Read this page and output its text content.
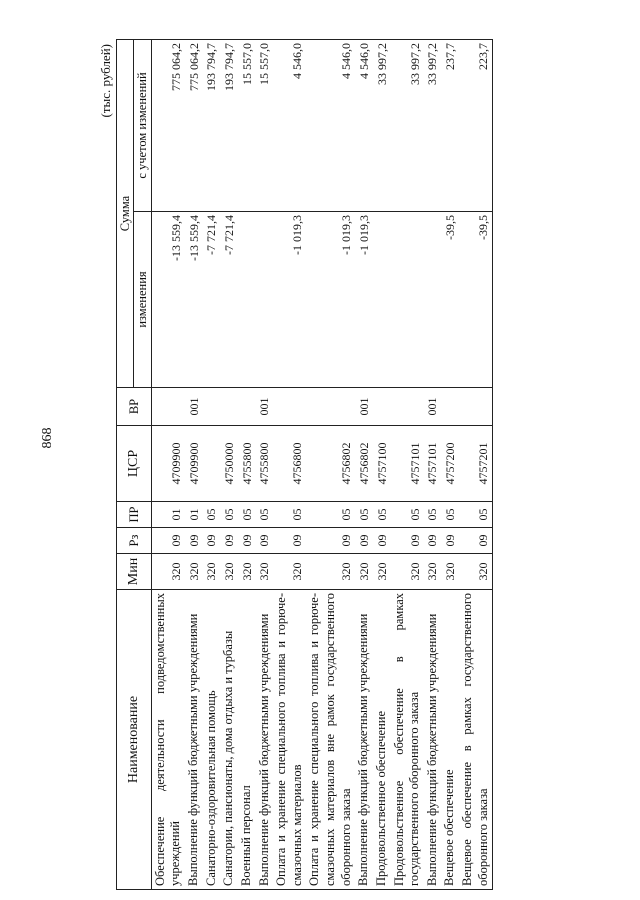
868
(тыс. рублей)
Наименование	Мин	Рз	ПР	ЦСР	ВР	Сумма	
						изменения	с учетом изменений
Обеспечение деятельности подведомственных учреждений	320	09	01	4709900		-13 559,4	775 064,2
Выполнение функций бюджетными учреждениями	320	09	01	4709900	001	-13 559,4	775 064,2
Санаторно-оздоровительная помощь	320	09	05			-7 721,4	193 794,7
Санатории, пансионаты, дома отдыха и турбазы	320	09	05	4750000		-7 721,4	193 794,7
Военный персонал	320	09	05	4755800			15 557,0
Выполнение функций бюджетными учреждениями	320	09	05	4755800	001		15 557,0
Оплата и хранение специального топлива и горюче-смазочных материалов	320	09	05	4756800		-1 019,3	4 546,0
Оплата и хранение специального топлива и горюче-смазочных материалов вне рамок государственного оборонного заказа	320	09	05	4756802		-1 019,3	4 546,0
Выполнение функций бюджетными учреждениями	320	09	05	4756802	001	-1 019,3	4 546,0
Продовольственное обеспечение	320	09	05	4757100			33 997,2
Продовольственное обеспечение в рамках государственного оборонного заказа	320	09	05	4757101			33 997,2
Выполнение функций бюджетными учреждениями	320	09	05	4757101	001		33 997,2
Вещевое обеспечение	320	09	05	4757200		-39,5	237,7
Вещевое обеспечение в рамках государственного оборонного заказа	320	09	05	4757201		-39,5	223,7
